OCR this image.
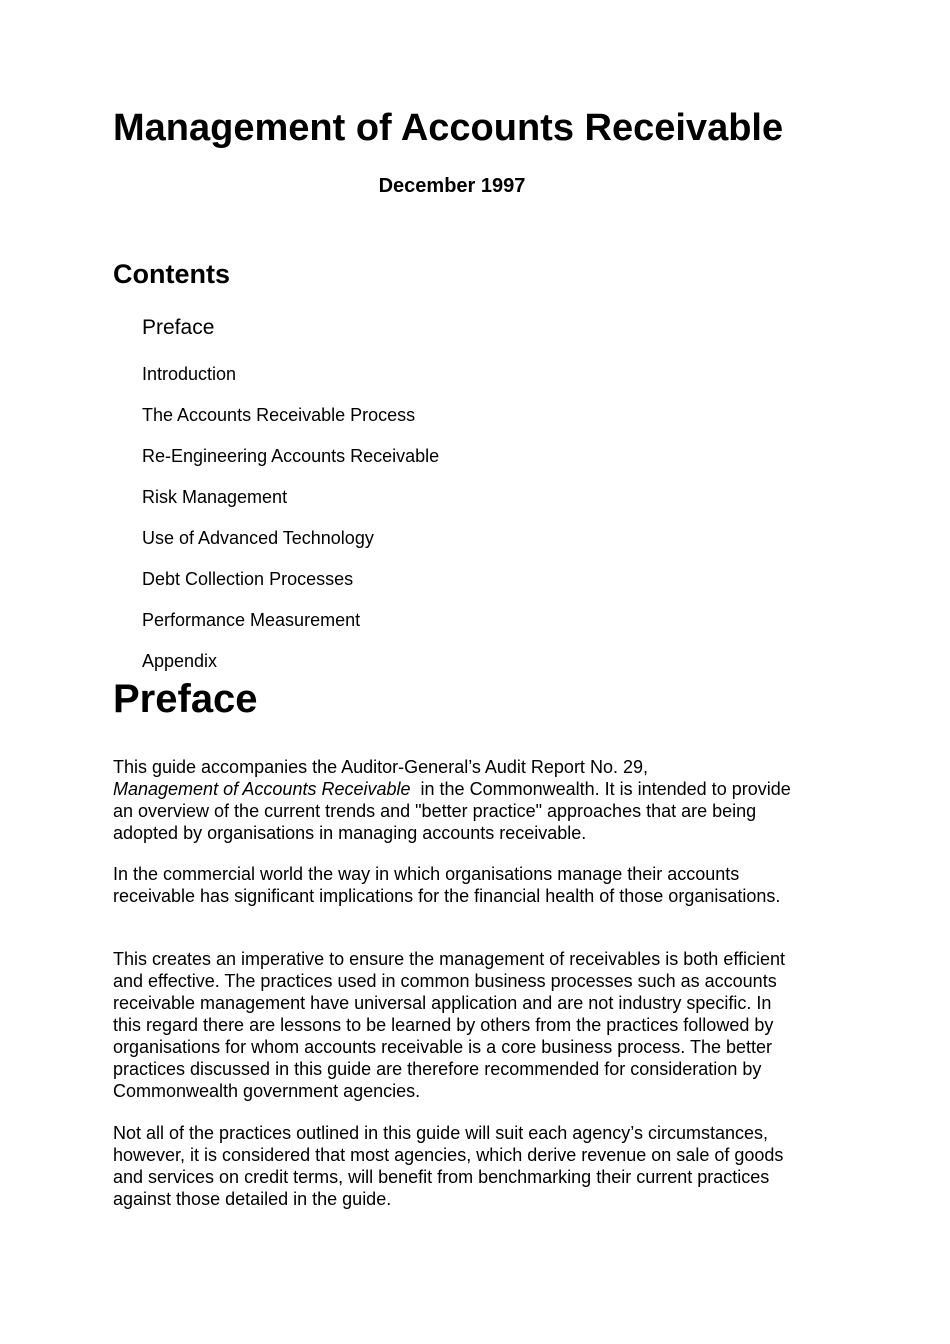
Management of Accounts Receivable
December 1997
Contents
Preface
Introduction
The Accounts Receivable Process
Re-Engineering Accounts Receivable
Risk Management
Use of Advanced Technology
Debt Collection Processes
Performance Measurement
Appendix
Preface

This guide accompanies the Auditor-General’s Audit Report No. 29,
Management of Accounts Receivable in the Commonwealth. It is intended to provide an overview of the current trends and "better practice" approaches that are being adopted by organisations in managing accounts receivable.

In the commercial world the way in which organisations manage their accounts receivable has significant implications for the financial health of those organisations.

This creates an imperative to ensure the management of receivables is both efficient and effective. The practices used in common business processes such as accounts receivable management have universal application and are not industry specific. In this regard there are lessons to be learned by others from the practices followed by organisations for whom accounts receivable is a core business process. The better practices discussed in this guide are therefore recommended for consideration by Commonwealth government agencies.

Not all of the practices outlined in this guide will suit each agency’s circumstances, however, it is considered that most agencies, which derive revenue on sale of goods and services on credit terms, will benefit from benchmarking their current practices against those detailed in the guide.
